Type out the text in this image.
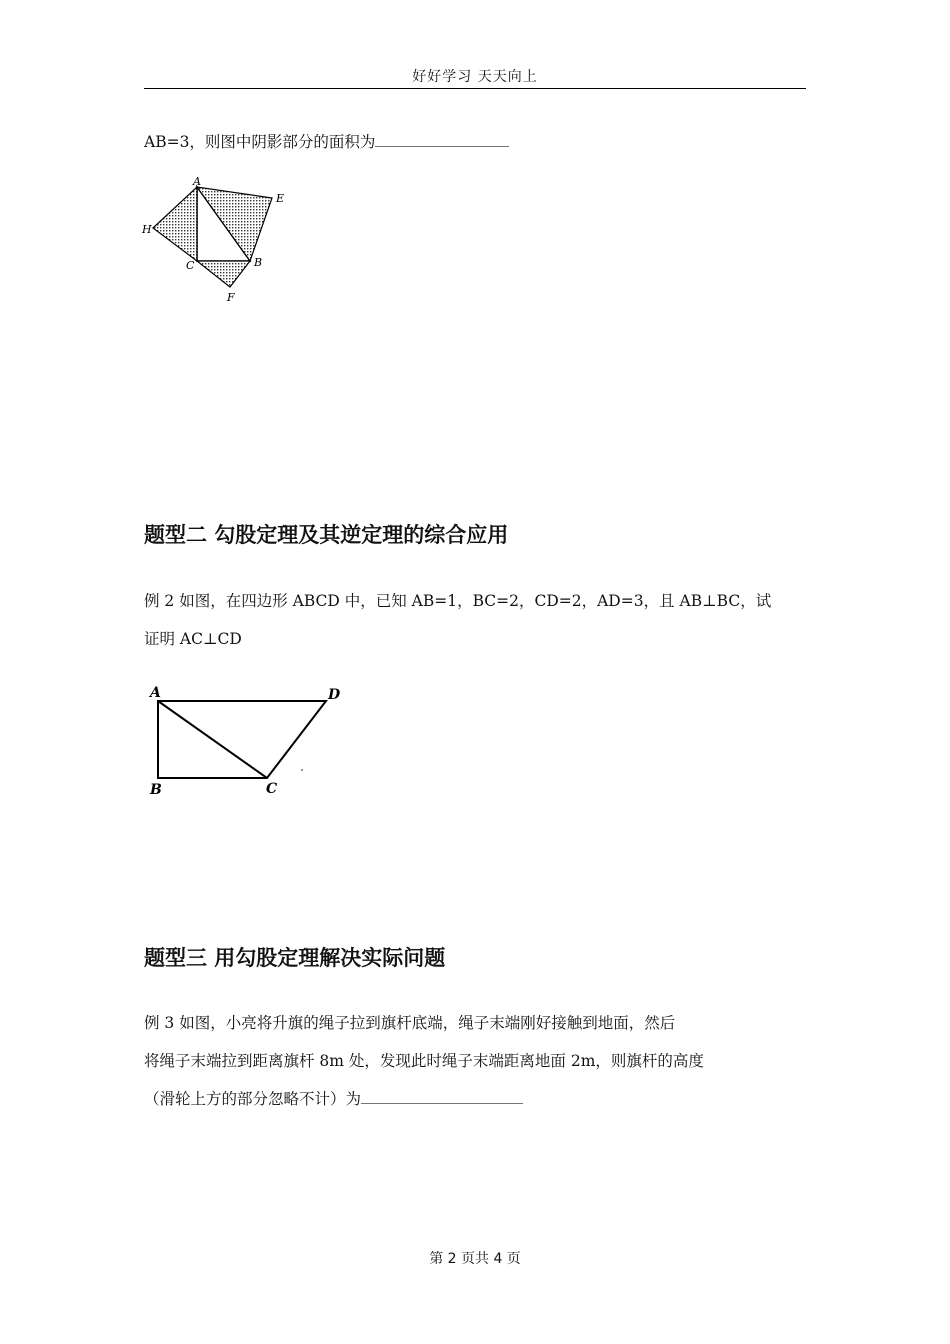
好好学习 天天向上
AB=3，则图中阴影部分的面积为
A
E
H
C	B
F
题型二 勾股定理及其逆定理的综合应用
例 2 如图，在四边形 ABCD 中，已知 AB=1，BC=2，CD=2，AD=3，且 AB⊥BC，试
证明 AC⊥CD
A	D
B	C
题型三 用勾股定理解决实际问题
例 3 如图，小亮将升旗的绳子拉到旗杆底端，绳子末端刚好接触到地面，然后
将绳子末端拉到距离旗杆 8m 处，发现此时绳子末端距离地面 2m，则旗杆的高度
（滑轮上方的部分忽略不计）为
第 2 页共 4 页
